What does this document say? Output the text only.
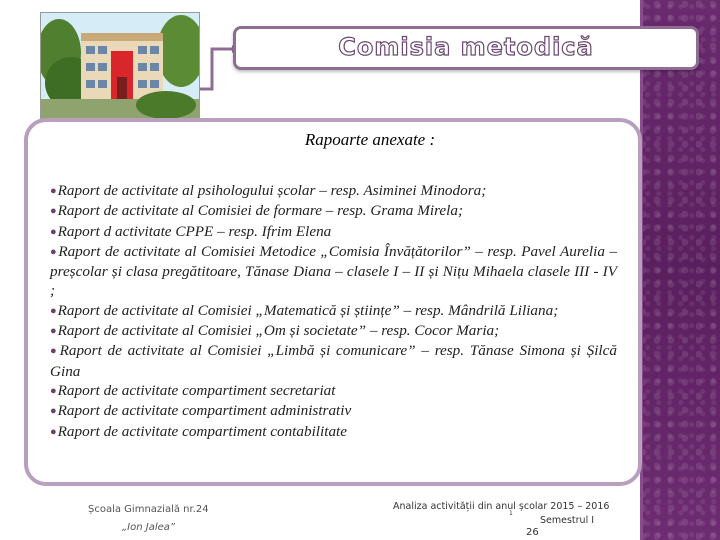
Comisia metodică
Rapoarte anexate :
●Raport de activitate al psihologului școlar – resp. Asiminei Minodora;
●Raport de activitate al Comisiei de formare – resp. Grama Mirela;
●Raport d activitate CPPE – resp. Ifrim Elena
●Raport de activitate al Comisiei Metodice „Comisia Învățătorilor” – resp. Pavel Aurelia – preșcolar și clasa pregătitoare, Tănase Diana – clasele I – II și Nițu Mihaela clasele III - IV ;
●Raport de activitate al Comisiei „Matematică și științe” – resp. Mândrilă Liliana;
●Raport de activitate al Comisiei „Om și societate” – resp. Cocor Maria;
●Raport de activitate al Comisiei „Limbă și comunicare” – resp. Tănase Simona și Șilcă Gina
●Raport de activitate compartiment secretariat
●Raport de activitate compartiment administrativ
●Raport de activitate compartiment contabilitate
Școala Gimnazială nr.24
„Ion Jalea”
Analiza activității din anul școlar 2015 – 2016
1
Semestrul I
26
